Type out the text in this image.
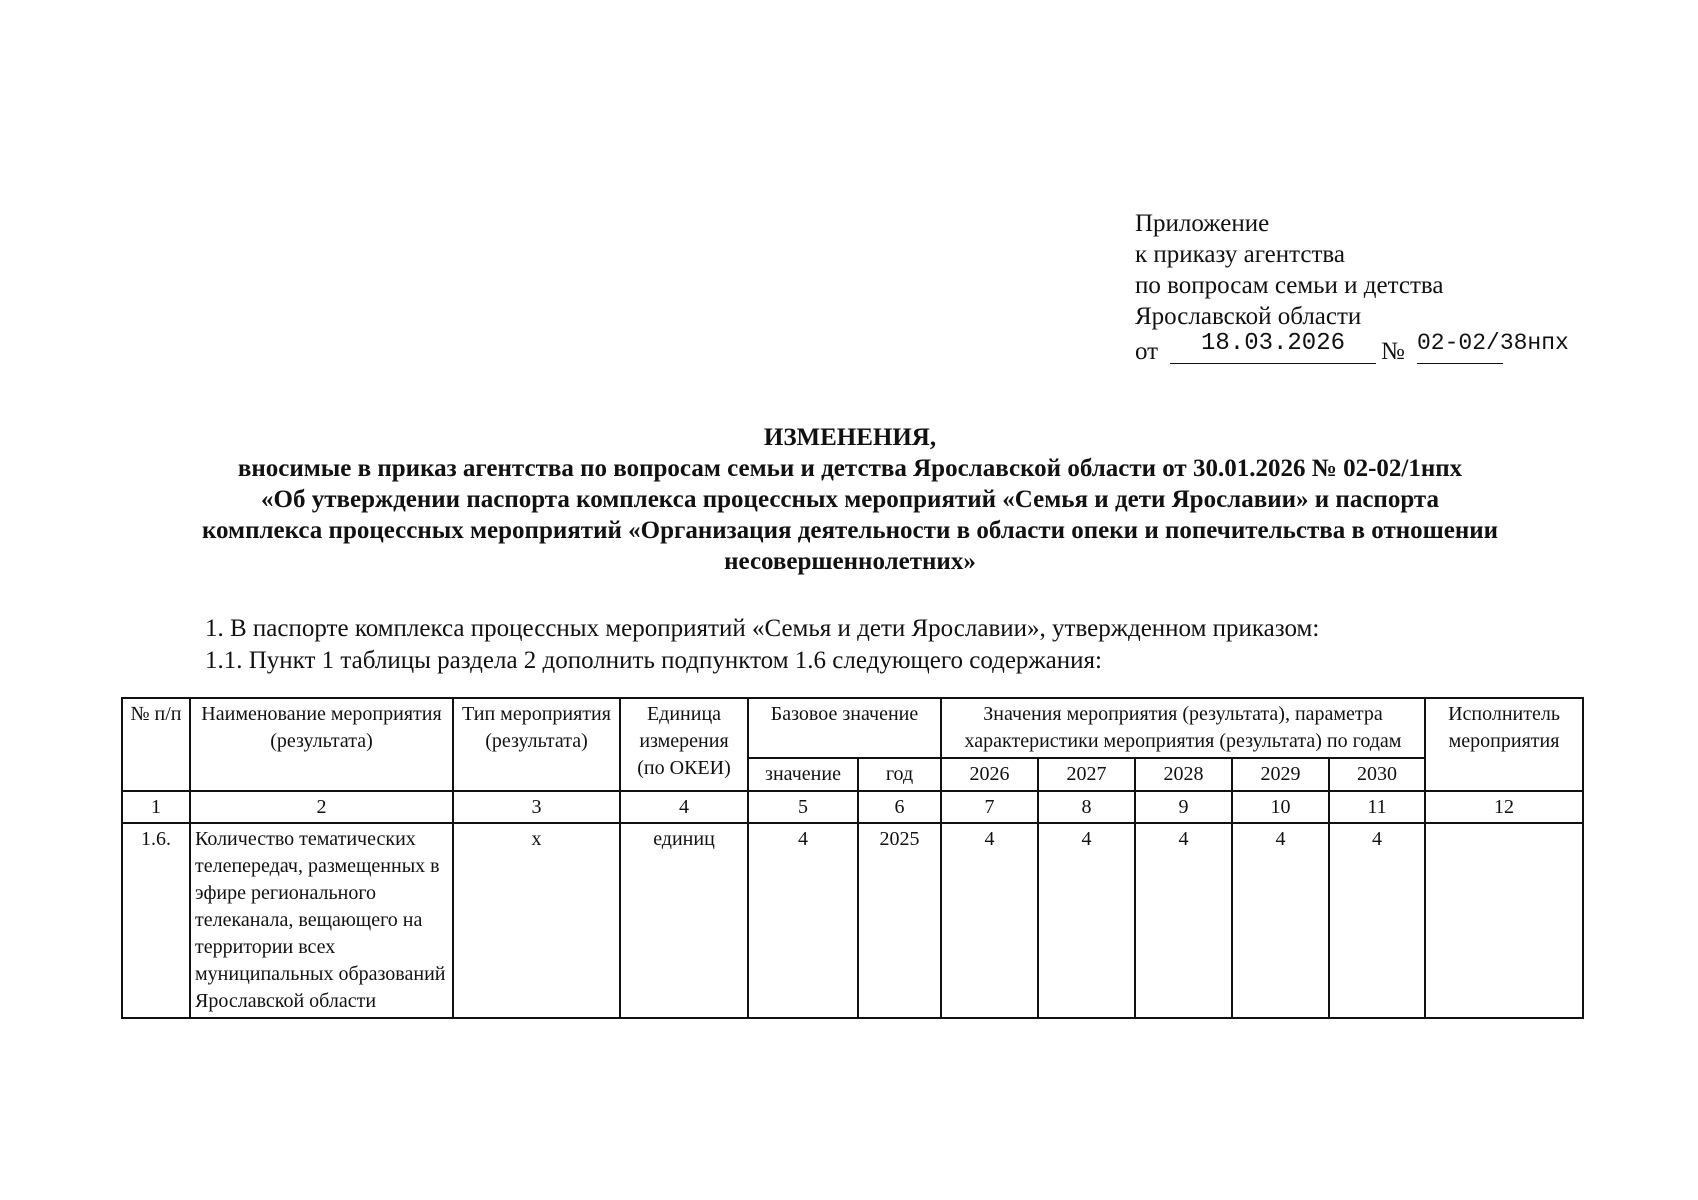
Приложение
к приказу агентства
по вопросам семьи и детства
Ярославской области
от	18.03.2026	№ 02-02/38нпх
ИЗМЕНЕНИЯ,
вносимые в приказ агентства по вопросам семьи и детства Ярославской области от 30.01.2026 № 02-02/1нпх
«Об утверждении паспорта комплекса процессных мероприятий «Семья и дети Ярославии» и паспорта
комплекса процессных мероприятий «Организация деятельности в области опеки и попечительства в отношении
несовершеннолетних»
1. В паспорте комплекса процессных мероприятий «Семья и дети Ярославии», утвержденном приказом:
1.1. Пункт 1 таблицы раздела 2 дополнить подпунктом 1.6 следующего содержания:
№ п/п	Наименование мероприятия (результата)	Тип мероприятия (результата)	Единица измерения (по ОКЕИ)	Базовое значение		Значения мероприятия (результата), параметра характеристики мероприятия (результата) по годам					Исполнитель мероприятия
				значение	год	2026	2027	2028	2029	2030	
1	2	3	4	5	6	7	8	9	10	11	12
1.6.	Количество тематических телепередач, размещенных в эфире регионального телеканала, вещающего на территории всех муниципальных образований Ярославской области	х	единиц	4	2025	4	4	4	4	4	
